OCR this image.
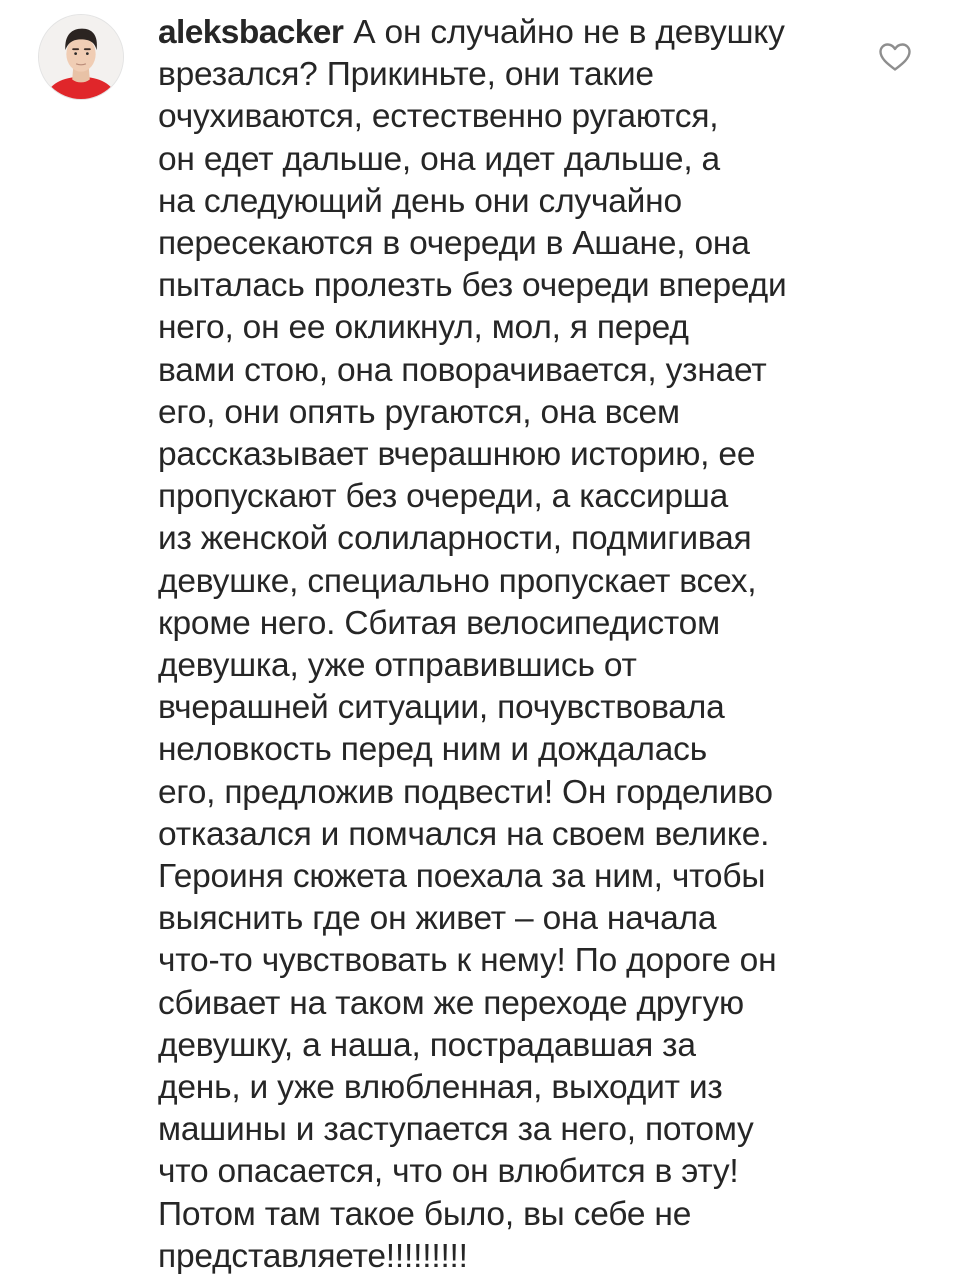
aleksbacker А он случайно не в девушку
врезался? Прикиньте, они такие
очухиваются, естественно ругаются,
он едет дальше, она идет дальше, а
на следующий день они случайно
пересекаются в очереди в Ашане, она
пыталась пролезть без очереди впереди
него, он ее окликнул, мол, я перед
вами стою, она поворачивается, узнает
его, они опять ругаются, она всем
рассказывает вчерашнюю историю, ее
пропускают без очереди, а кассирша
из женской солиларности, подмигивая
девушке, специально пропускает всех,
кроме него. Сбитая велосипедистом
девушка, уже отправившись от
вчерашней ситуации, почувствовала
неловкость перед ним и дождалась
его, предложив подвести! Он горделиво
отказался и помчался на своем велике.
Героиня сюжета поехала за ним, чтобы
выяснить где он живет – она начала
что-то чувствовать к нему! По дороге он
сбивает на таком же переходе другую
девушку, а наша, пострадавшая за
день, и уже влюбленная, выходит из
машины и заступается за него, потому
что опасается, что он влюбится в эту!
Потом там такое было, вы себе не
представляете!!!!!!!!!
